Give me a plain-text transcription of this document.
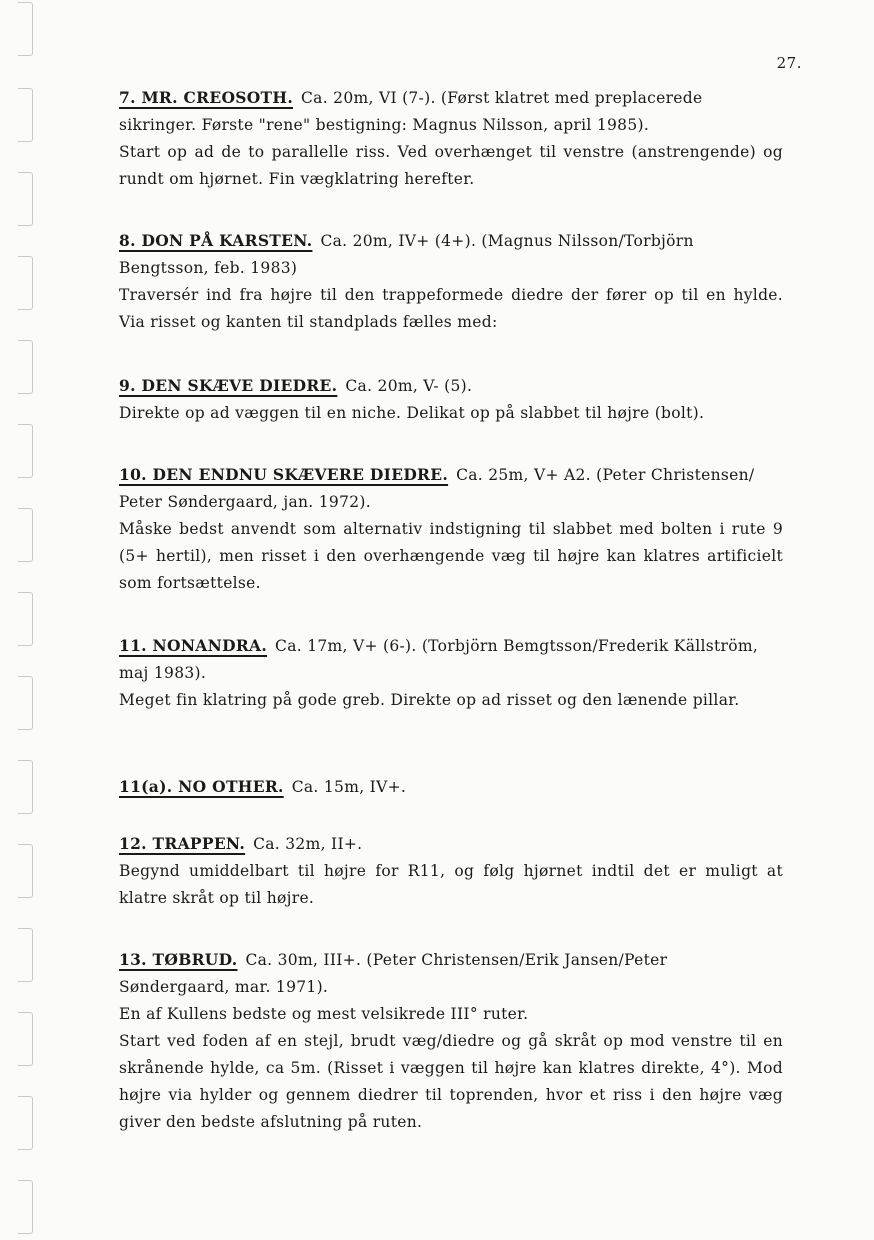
27.

7. MR. CREOSOTH. Ca. 20m, VI (7-). (Først klatret med preplacerede sikringer. Første "rene" bestigning: Magnus Nilsson, april 1985).

Start op ad de to parallelle riss. Ved overhænget til venstre (anstrengende) og rundt om hjørnet. Fin vægklatring herefter.

8. DON PÅ KARSTEN. Ca. 20m, IV+ (4+). (Magnus Nilsson/Torbjörn Bengtsson, feb. 1983)

Traversér ind fra højre til den trappeformede diedre der fører op til en hylde. Via risset og kanten til standplads fælles med:

9. DEN SKÆVE DIEDRE. Ca. 20m, V- (5).

Direkte op ad væggen til en niche. Delikat op på slabbet til højre (bolt).

10. DEN ENDNU SKÆVERE DIEDRE. Ca. 25m, V+ A2. (Peter Christensen/ Peter Søndergaard, jan. 1972).

Måske bedst anvendt som alternativ indstigning til slabbet med bolten i rute 9 (5+ hertil), men risset i den overhængende væg til højre kan klatres artificielt som fortsættelse.

11. NONANDRA. Ca. 17m, V+ (6-). (Torbjörn Bemgtsson/Frederik Källström, maj 1983).

Meget fin klatring på gode greb. Direkte op ad risset og den lænende pillar.

11(a). NO OTHER. Ca. 15m, IV+.

12. TRAPPEN. Ca. 32m, II+.

Begynd umiddelbart til højre for R11, og følg hjørnet indtil det er muligt at klatre skråt op til højre.

13. TØBRUD. Ca. 30m, III+. (Peter Christensen/Erik Jansen/Peter Søndergaard, mar. 1971).

En af Kullens bedste og mest velsikrede III° ruter.

Start ved foden af en stejl, brudt væg/diedre og gå skråt op mod venstre til en skrånende hylde, ca 5m. (Risset i væggen til højre kan klatres direkte, 4°). Mod højre via hylder og gennem diedrer til toprenden, hvor et riss i den højre væg giver den bedste afslutning på ruten.
